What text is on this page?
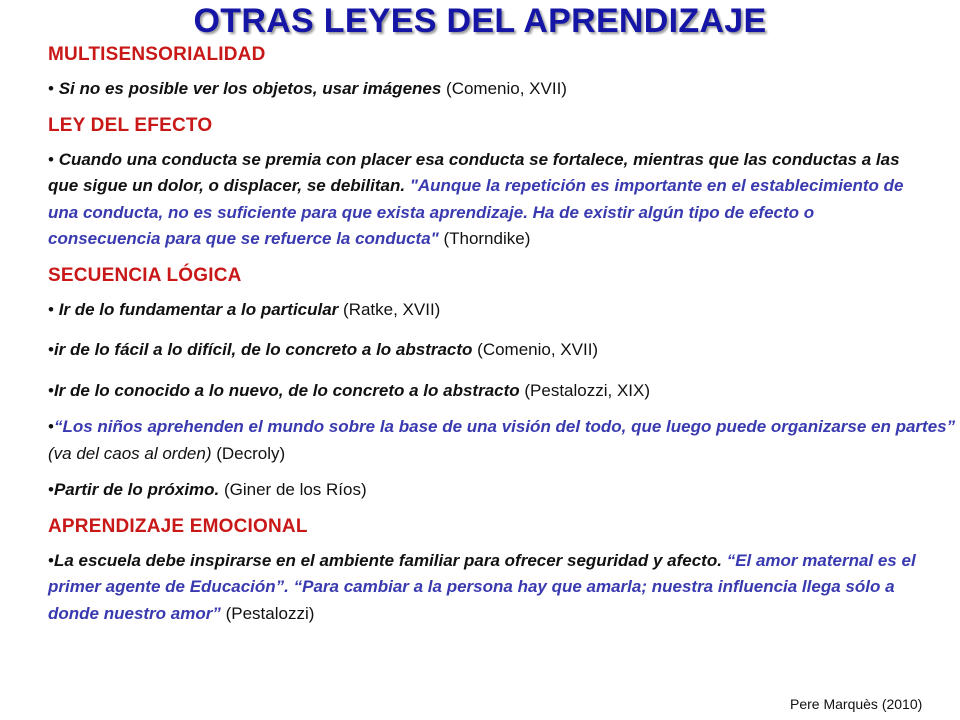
OTRAS LEYES DEL APRENDIZAJE
MULTISENSORIALIDAD
• Si no es posible ver los objetos, usar imágenes (Comenio, XVII)
LEY DEL EFECTO
• Cuando una conducta se premia con placer esa conducta se fortalece, mientras que las conductas a las que sigue un dolor, o displacer, se debilitan. "Aunque la repetición es importante en el establecimiento de una conducta, no es suficiente para que exista aprendizaje. Ha de existir algún tipo de efecto o consecuencia para que se refuerce la conducta" (Thorndike)
SECUENCIA LÓGICA
• Ir de lo fundamentar a lo particular (Ratke, XVII)
•ir de lo fácil a lo difícil, de lo concreto a lo abstracto (Comenio, XVII)
•Ir de lo conocido a lo nuevo, de lo concreto a lo abstracto (Pestalozzi, XIX)
•“Los niños aprehenden el mundo sobre la base de una visión del todo, que luego puede organizarse en partes” (va del caos al orden) (Decroly)
•Partir de lo próximo. (Giner de los Ríos)
APRENDIZAJE EMOCIONAL
•La escuela debe inspirarse en el ambiente familiar para ofrecer seguridad y afecto. “El amor maternal es el primer agente de Educación”. “Para cambiar a la persona hay que amarla; nuestra influencia llega sólo a donde nuestro amor” (Pestalozzi)
Pere Marquès (2010)
